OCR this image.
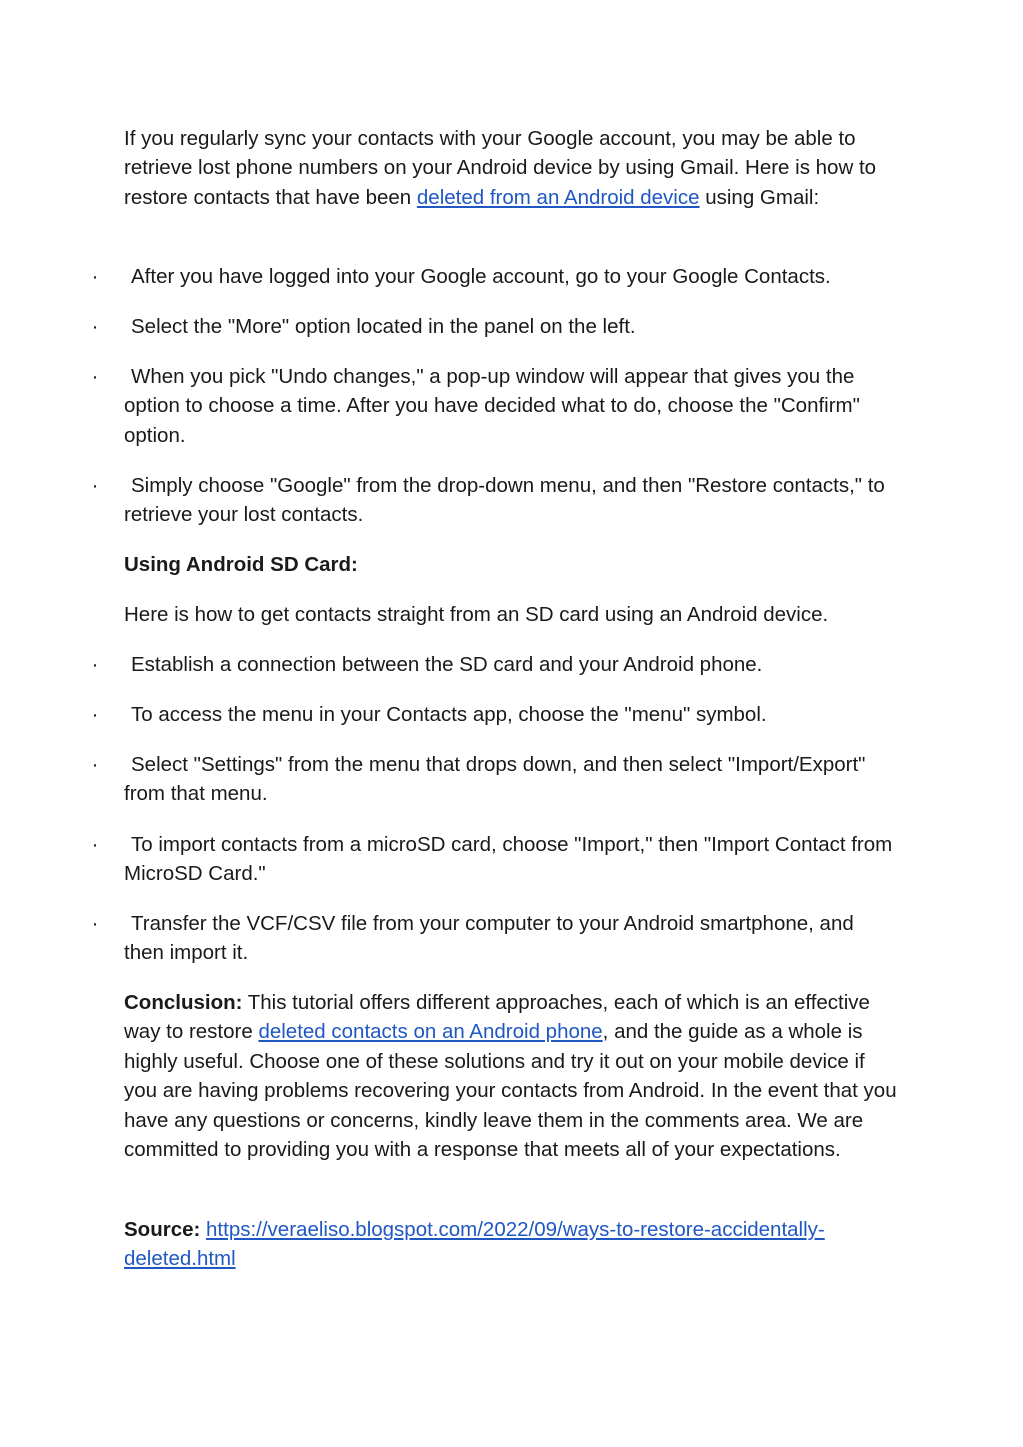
If you regularly sync your contacts with your Google account, you may be able to retrieve lost phone numbers on your Android device by using Gmail. Here is how to restore contacts that have been deleted from an Android device using Gmail:

·	After you have logged into your Google account, go to your Google Contacts.

·	Select the "More" option located in the panel on the left.

·	When you pick "Undo changes," a pop-up window will appear that gives you the option to choose a time. After you have decided what to do, choose the "Confirm" option.

·	Simply choose "Google" from the drop-down menu, and then "Restore contacts," to retrieve your lost contacts.

Using Android SD Card:

Here is how to get contacts straight from an SD card using an Android device.

·	Establish a connection between the SD card and your Android phone.

·	To access the menu in your Contacts app, choose the "menu" symbol.

·	Select "Settings" from the menu that drops down, and then select "Import/Export" from that menu.

·	To import contacts from a microSD card, choose "Import," then "Import Contact from MicroSD Card."

·	Transfer the VCF/CSV file from your computer to your Android smartphone, and then import it.

Conclusion: This tutorial offers different approaches, each of which is an effective way to restore deleted contacts on an Android phone, and the guide as a whole is highly useful. Choose one of these solutions and try it out on your mobile device if you are having problems recovering your contacts from Android. In the event that you have any questions or concerns, kindly leave them in the comments area. We are committed to providing you with a response that meets all of your expectations.

Source: https://veraeliso.blogspot.com/2022/09/ways-to-restore-accidentally-deleted.html
